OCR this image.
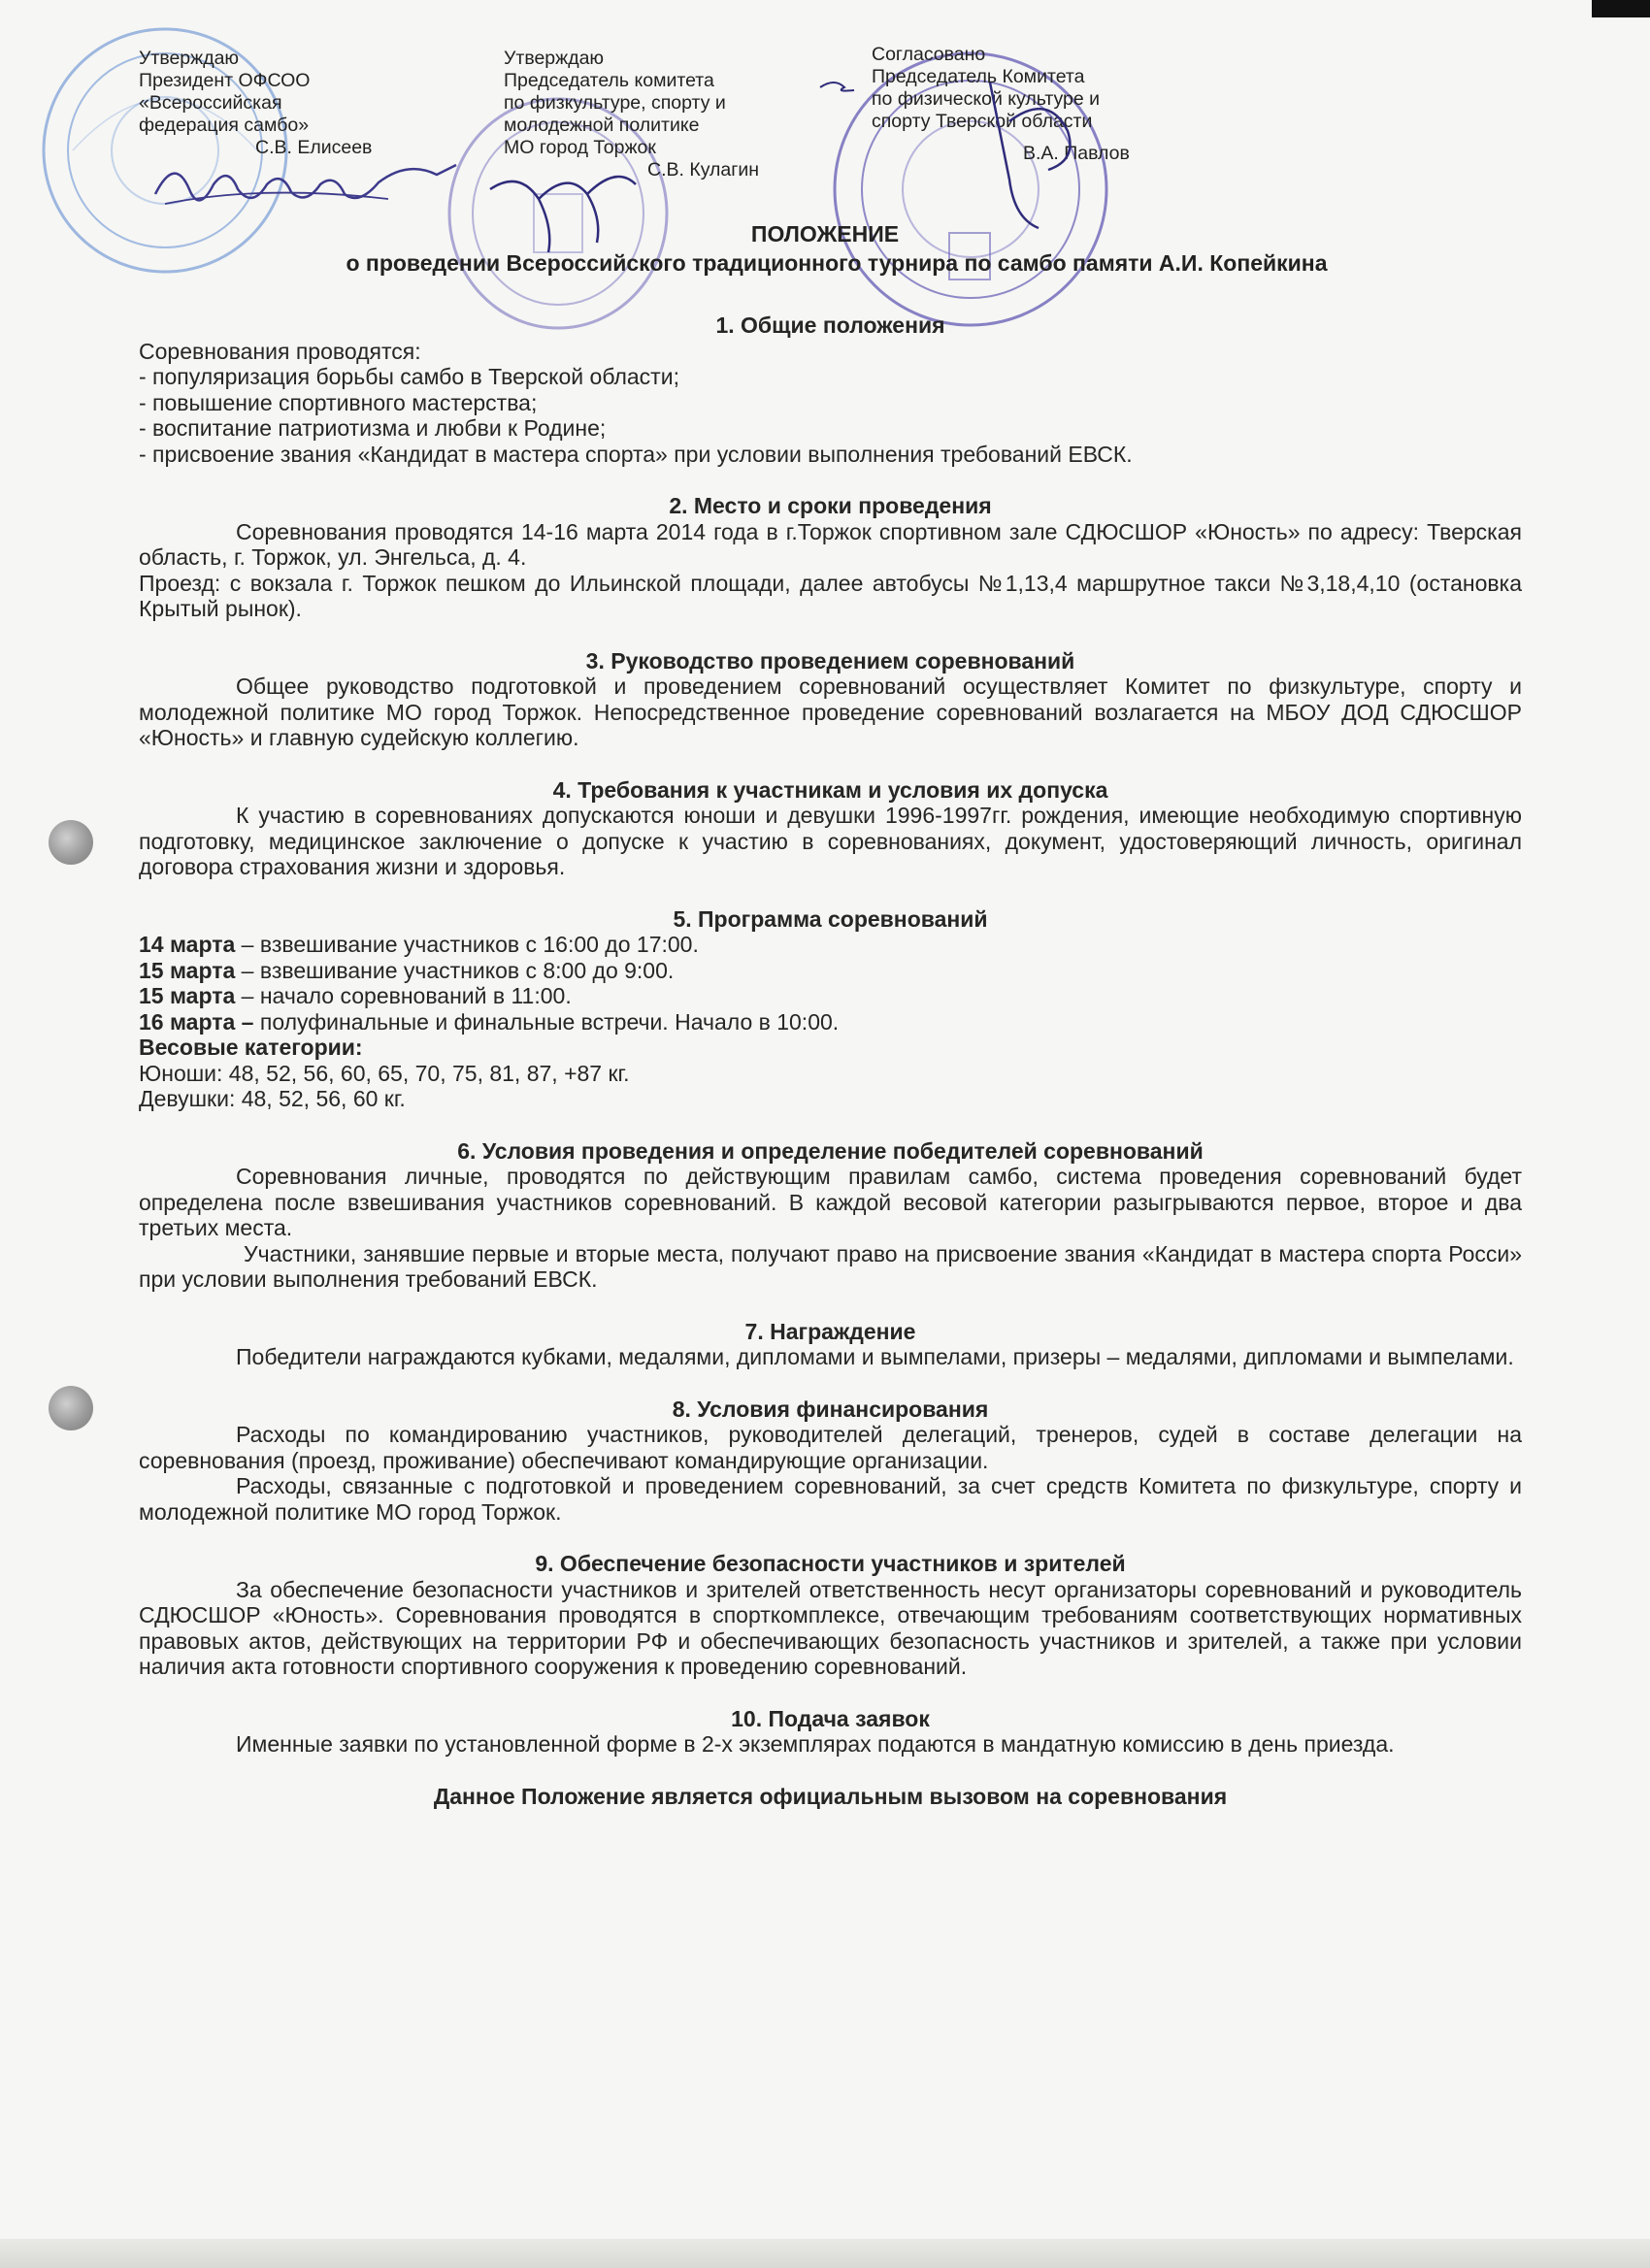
Утверждаю
Президент ОФСОО
«Всероссийская
федерация самбо»
С.В. Елисеев
Утверждаю
Председатель комитета
по физкультуре, спорту и
молодежной политике
МО город Торжок
С.В. Кулагин
Согласовано
Председатель Комитета
по физической культуре и
спорту Тверской области
В.А. Павлов
ПОЛОЖЕНИЕ
о проведении Всероссийского традиционного турнира по самбо памяти А.И. Копейкина
1. Общие положения

Соревнования проводятся:

- популяризация борьбы самбо в Тверской области;

- повышение спортивного мастерства;

- воспитание патриотизма и любви к Родине;

- присвоение звания «Кандидат в мастера спорта» при условии выполнения требований ЕВСК.

2. Место и сроки проведения

Соревнования проводятся 14-16 марта 2014 года в г.Торжок спортивном зале СДЮСШОР «Юность» по адресу: Тверская область, г. Торжок, ул. Энгельса, д. 4.

Проезд: с вокзала г. Торжок пешком до Ильинской площади, далее автобусы №1,13,4 маршрутное такси №3,18,4,10 (остановка Крытый рынок).

3. Руководство проведением соревнований

Общее руководство подготовкой и проведением соревнований осуществляет Комитет по физкультуре, спорту и молодежной политике МО город Торжок. Непосредственное проведение соревнований возлагается на МБОУ ДОД СДЮСШОР «Юность» и главную судейскую коллегию.

4. Требования к участникам и условия их допуска

К участию в соревнованиях допускаются юноши и девушки 1996-1997гг. рождения, имеющие необходимую спортивную подготовку, медицинское заключение о допуске к участию в соревнованиях, документ, удостоверяющий личность, оригинал договора страхования жизни и здоровья.

5. Программа соревнований

14 марта – взвешивание участников с 16:00 до 17:00.

15 марта – взвешивание участников с 8:00 до 9:00.

15 марта – начало соревнований в 11:00.

16 марта – полуфинальные и финальные встречи. Начало в 10:00.

Весовые категории:

Юноши: 48, 52, 56, 60, 65, 70, 75, 81, 87, +87 кг.

Девушки: 48, 52, 56, 60 кг.

6. Условия проведения и определение победителей соревнований

Соревнования личные, проводятся по действующим правилам самбо, система проведения соревнований будет определена после взвешивания участников соревнований. В каждой весовой категории разыгрываются первое, второе и два третьих места.

Участники, занявшие первые и вторые места, получают право на присвоение звания «Кандидат в мастера спорта Росси» при условии выполнения требований ЕВСК.

7. Награждение

Победители награждаются кубками, медалями, дипломами и вымпелами, призеры – медалями, дипломами и вымпелами.

8. Условия финансирования

Расходы по командированию участников, руководителей делегаций, тренеров, судей в составе делегации на соревнования (проезд, проживание) обеспечивают командирующие организации.

Расходы, связанные с подготовкой и проведением соревнований, за счет средств Комитета по физкультуре, спорту и молодежной политике МО город Торжок.

9. Обеспечение безопасности участников и зрителей

За обеспечение безопасности участников и зрителей ответственность несут организаторы соревнований и руководитель СДЮСШОР «Юность». Соревнования проводятся в спорткомплексе, отвечающим требованиям соответствующих нормативных правовых актов, действующих на территории РФ и обеспечивающих безопасность участников и зрителей, а также при условии наличия акта готовности спортивного сооружения к проведению соревнований.

10. Подача заявок

Именные заявки по установленной форме в 2-х экземплярах подаются в мандатную комиссию в день приезда.

Данное Положение является официальным вызовом на соревнования
